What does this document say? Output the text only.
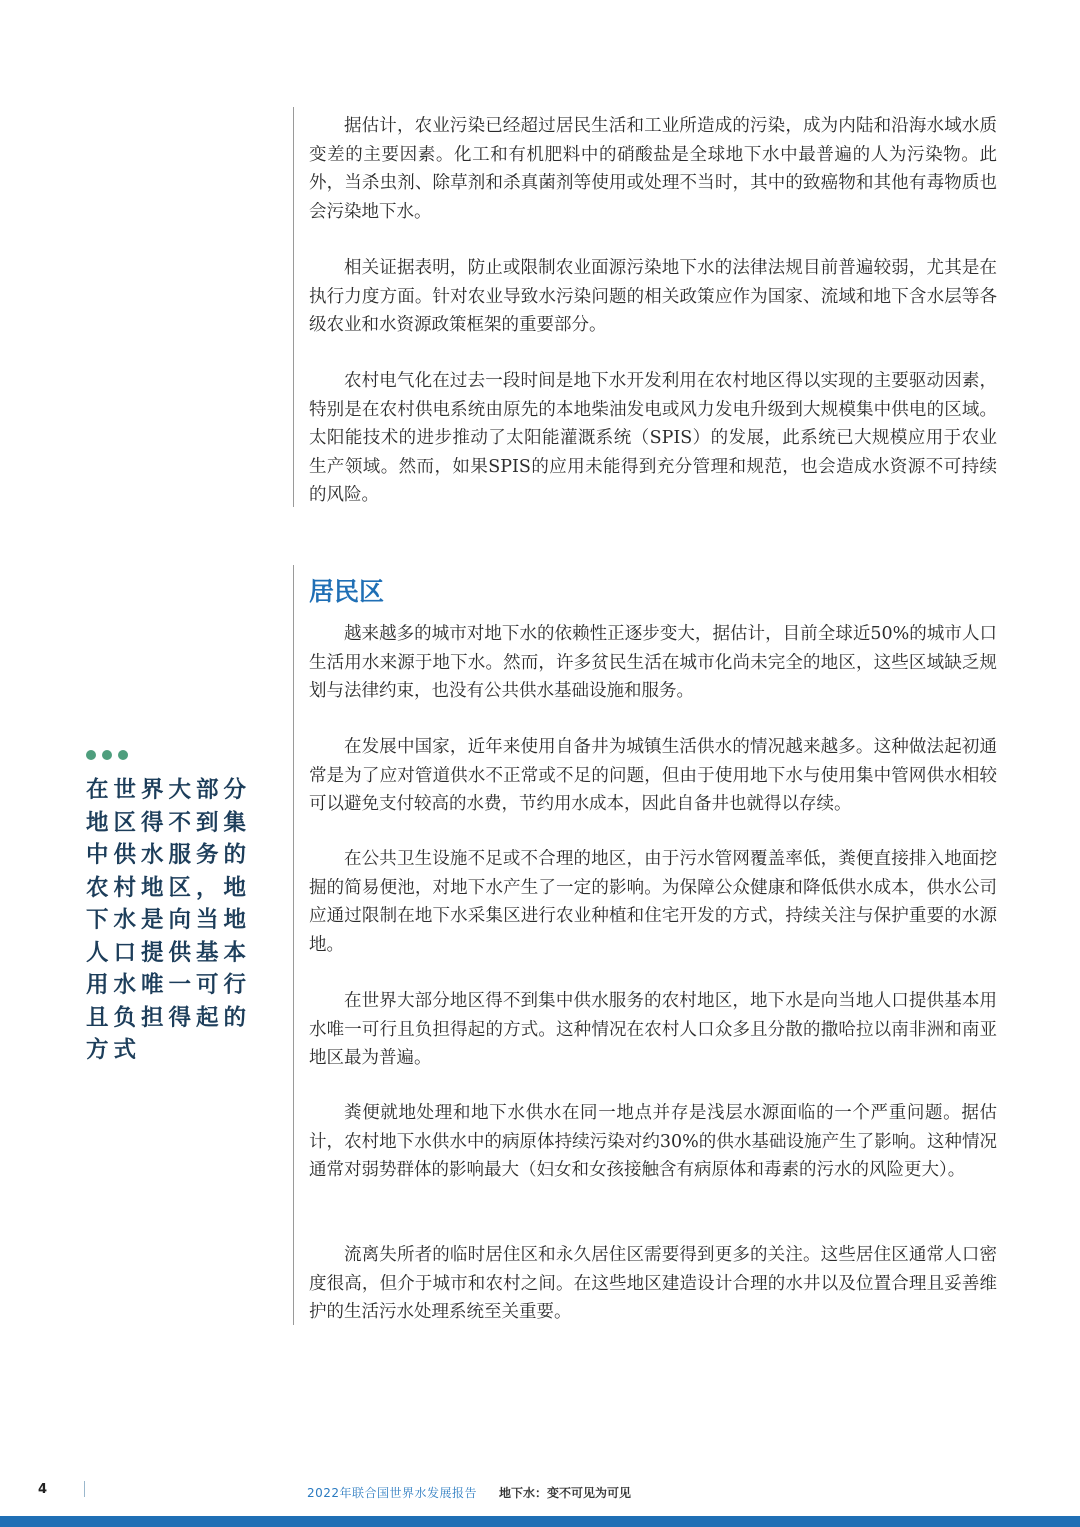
据估计，农业污染已经超过居民生活和工业所造成的污染，成为内陆和沿海水域水质变差的主要因素。化工和有机肥料中的硝酸盐是全球地下水中最普遍的人为污染物。此外，当杀虫剂、除草剂和杀真菌剂等使用或处理不当时，其中的致癌物和其他有毒物质也会污染地下水。

相关证据表明，防止或限制农业面源污染地下水的法律法规目前普遍较弱，尤其是在执行力度方面。针对农业导致水污染问题的相关政策应作为国家、流域和地下含水层等各级农业和水资源政策框架的重要部分。

农村电气化在过去一段时间是地下水开发利用在农村地区得以实现的主要驱动因素，特别是在农村供电系统由原先的本地柴油发电或风力发电升级到大规模集中供电的区域。太阳能技术的进步推动了太阳能灌溉系统（SPIS）的发展，此系统已大规模应用于农业生产领域。然而，如果SPIS的应用未能得到充分管理和规范，也会造成水资源不可持续的风险。

居民区

越来越多的城市对地下水的依赖性正逐步变大，据估计，目前全球近50%的城市人口生活用水来源于地下水。然而，许多贫民生活在城市化尚未完全的地区，这些区域缺乏规划与法律约束，也没有公共供水基础设施和服务。

在发展中国家，近年来使用自备井为城镇生活供水的情况越来越多。这种做法起初通常是为了应对管道供水不正常或不足的问题，但由于使用地下水与使用集中管网供水相较可以避免支付较高的水费，节约用水成本，因此自备井也就得以存续。

在公共卫生设施不足或不合理的地区，由于污水管网覆盖率低，粪便直接排入地面挖掘的简易便池，对地下水产生了一定的影响。为保障公众健康和降低供水成本，供水公司应通过限制在地下水采集区进行农业种植和住宅开发的方式，持续关注与保护重要的水源地。

在世界大部分地区得不到集中供水服务的农村地区，地下水是向当地人口提供基本用水唯一可行且负担得起的方式。这种情况在农村人口众多且分散的撒哈拉以南非洲和南亚地区最为普遍。

粪便就地处理和地下水供水在同一地点并存是浅层水源面临的一个严重问题。据估计，农村地下水供水中的病原体持续污染对约30%的供水基础设施产生了影响。这种情况通常对弱势群体的影响最大（妇女和女孩接触含有病原体和毒素的污水的风险更大）。

流离失所者的临时居住区和永久居住区需要得到更多的关注。这些居住区通常人口密度很高，但介于城市和农村之间。在这些地区建造设计合理的水井以及位置合理且妥善维护的生活污水处理系统至关重要。

在世界大部分地区得不到集中供水服务的农村地区，地下水是向当地人口提供基本用水唯一可行且负担得起的方式

4	2022年联合国世界水发展报告 地下水：变不可见为可见
